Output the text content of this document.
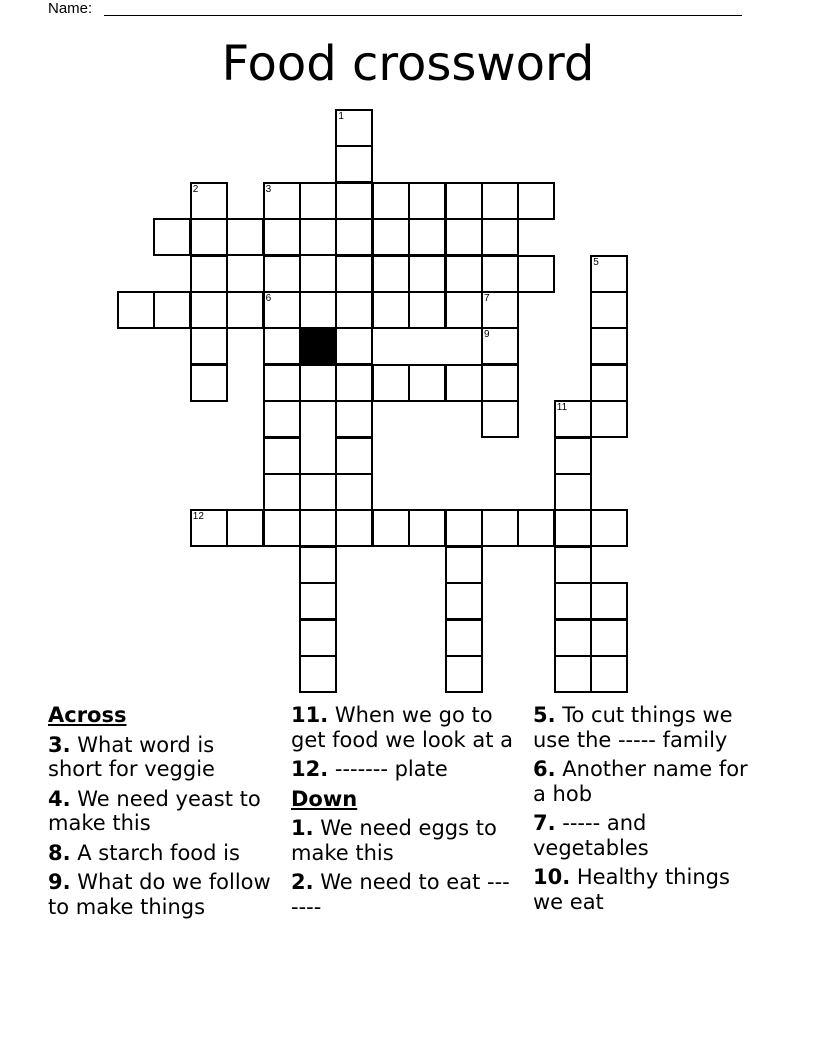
Name:
Food crossword
1
2	3
6	7
9
12
5
11
Across
3. What word is short for veggie
4. We need yeast to make this
8. A starch food is
9. What do we follow to make things
11. When we go to get food we look at a
12. ------- plate
Down
1. We need eggs to make this
2. We need to eat -------
5. To cut things we use the ----- family
6. Another name for a hob
7. ----- and vegetables
10. Healthy things we eat
